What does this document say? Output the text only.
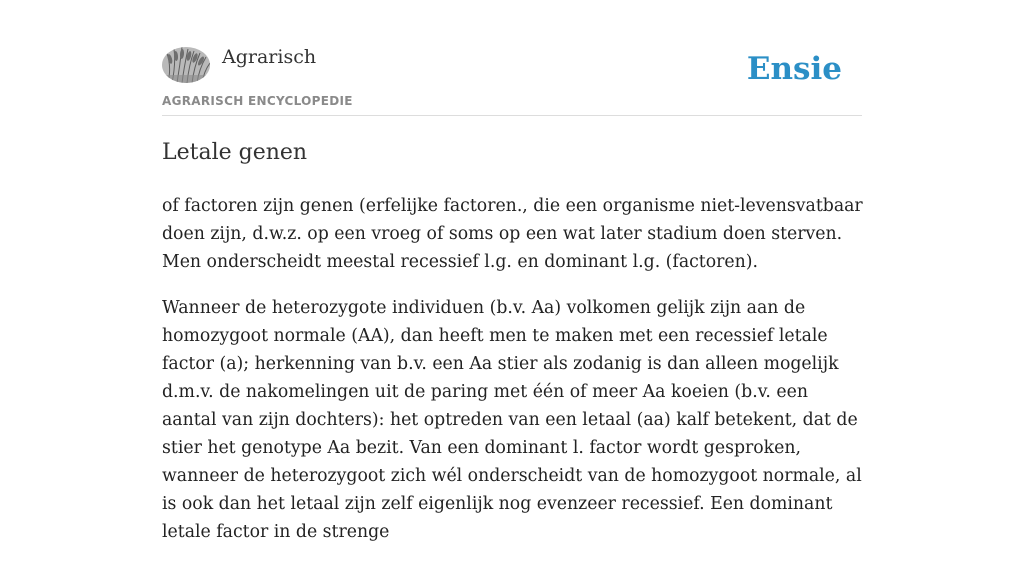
Agrarisch
AGRARISCH ENCYCLOPEDIE
Ensie
Letale genen

of factoren zijn genen (erfelijke factoren., die een organisme niet-levensvatbaar doen zijn, d.w.z. op een vroeg of soms op een wat later stadium doen sterven. Men onderscheidt meestal recessief l.g. en dominant l.g. (factoren).

Wanneer de heterozygote individuen (b.v. Aa) volkomen gelijk zijn aan de homozygoot normale (AA), dan heeft men te maken met een recessief letale factor (a); herkenning van b.v. een Aa stier als zodanig is dan alleen mogelijk d.m.v. de nakomelingen uit de paring met één of meer Aa koeien (b.v. een aantal van zijn dochters): het optreden van een letaal (aa) kalf betekent, dat de stier het genotype Aa bezit. Van een dominant l. factor wordt gesproken, wanneer de heterozygoot zich wél onderscheidt van de homozygoot normale, al is ook dan het letaal zijn zelf eigenlijk nog evenzeer recessief. Een dominant letale factor in de strenge
